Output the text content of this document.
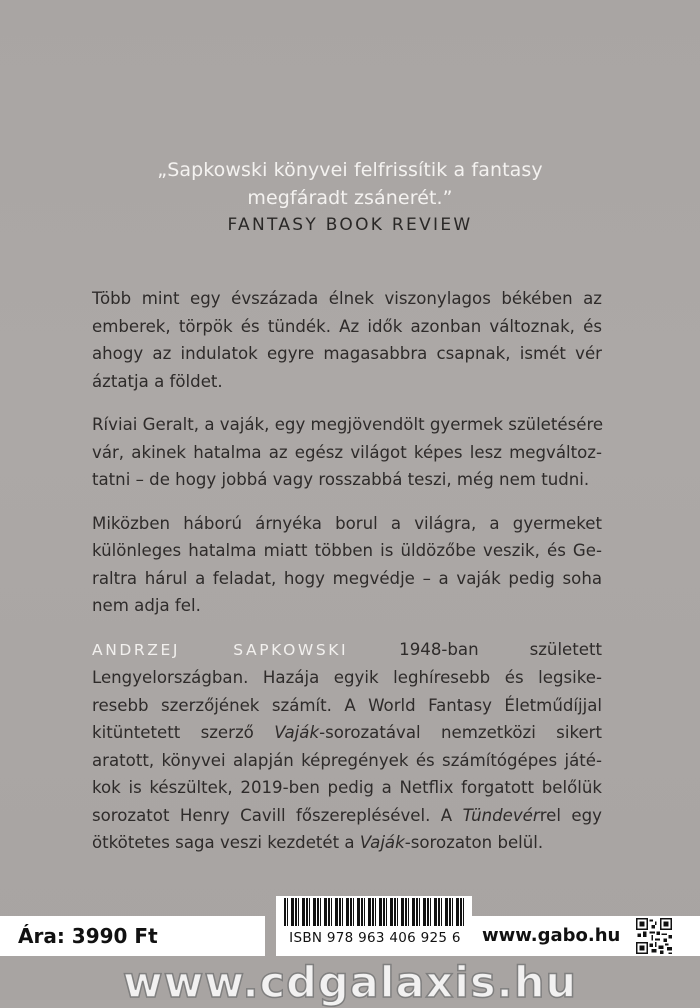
„Sapkowski könyvei felfrissítik a fantasy
megfáradt zsánerét.”
FANTASY BOOK REVIEW

Több mint egy évszázada élnek viszonylagos békében az
emberek, törpök és tündék. Az idők azonban változnak, és
ahogy az indulatok egyre magasabbra csapnak, ismét vér
áztatja a földet.

Ríviai Geralt, a vaják, egy megjövendölt gyermek születésére
vár, akinek hatalma az egész világot képes lesz megváltoz-
tatni – de hogy jobbá vagy rosszabbá teszi, még nem tudni.

Miközben háború árnyéka borul a világra, a gyermeket
különleges hatalma miatt többen is üldözőbe veszik, és Ge-
raltra hárul a feladat, hogy megvédje – a vaják pedig soha
nem adja fel.

ANDRZEJ SAPKOWSKI 1948-ban született
Lengyelországban. Hazája egyik leghíresebb és legsike-
resebb szerzőjének számít. A World Fantasy Életműdíjjal
kitüntetett szerző Vaják-sorozatával nemzetközi sikert
aratott, könyvei alapján képregények és számítógépes játé-
kok is készültek, 2019-ben pedig a Netflix forgatott belőlük
sorozatot Henry Cavill főszereplésével. A Tündevérrel egy
ötkötetes saga veszi kezdetét a Vaják-sorozaton belül.

Ára: 3990 Ft	ISBN 978 963 406 925 6	www.gabo.hu
www.cdgalaxis.hu
